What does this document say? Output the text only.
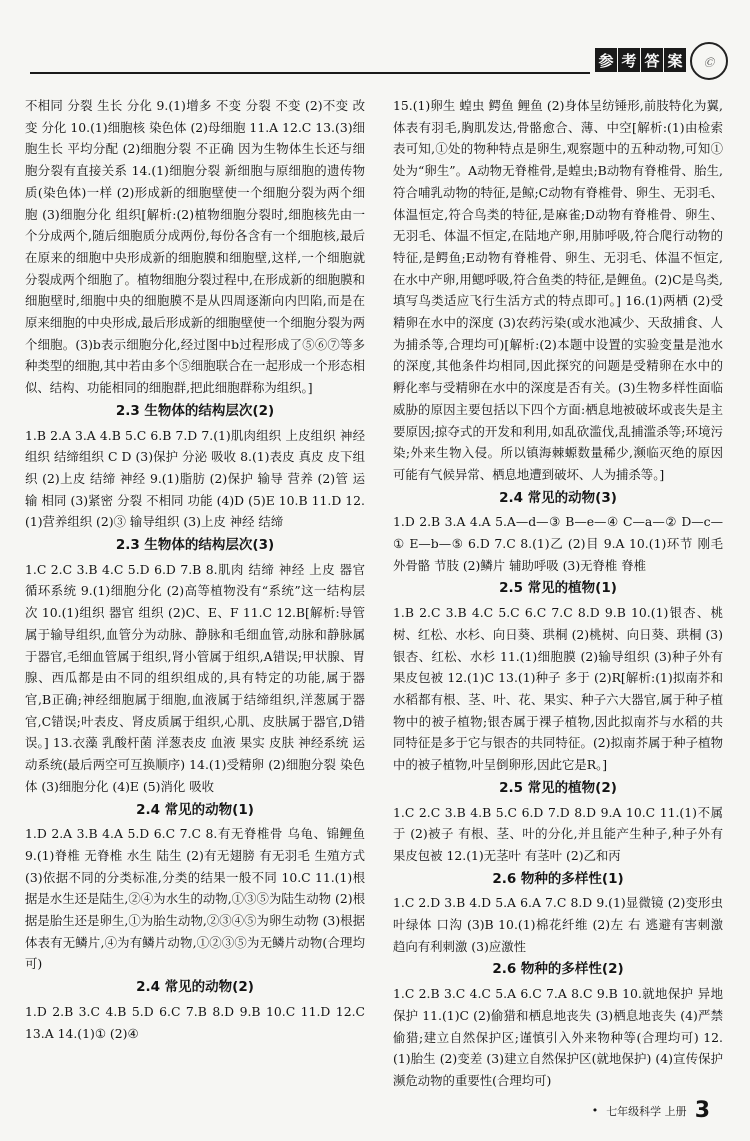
参 考 答 案	Ⓒ
不相同 分裂 生长 分化 9.(1)增多 不变 分裂 不变 (2)不变 改变 分化 10.(1)细胞核 染色体 (2)母细胞 11.A 12.C 13.(3)细胞生长 平均分配 (2)细胞分裂 不正确 因为生物体生长还与细胞分裂有直接关系 14.(1)细胞分裂 新细胞与原细胞的遗传物质(染色体)一样 (2)形成新的细胞壁使一个细胞分裂为两个细胞 (3)细胞分化 组织[解析:(2)植物细胞分裂时,细胞核先由一个分成两个,随后细胞质分成两份,每份各含有一个细胞核,最后在原来的细胞中央形成新的细胞膜和细胞壁,这样,一个细胞就分裂成两个细胞了。植物细胞分裂过程中,在形成新的细胞膜和细胞壁时,细胞中央的细胞膜不是从四周逐渐向内凹陷,而是在原来细胞的中央形成,最后形成新的细胞壁使一个细胞分裂为两个细胞。(3)b表示细胞分化,经过图中b过程形成了⑤⑥⑦等多种类型的细胞,其中若由多个⑤细胞联合在一起形成一个形态相似、结构、功能相同的细胞群,把此细胞群称为组织。]
2.3 生物体的结构层次(2)
1.B 2.A 3.A 4.B 5.C 6.B 7.D 7.(1)肌肉组织 上皮组织 神经组织 结缔组织 C D (3)保护 分泌 吸收 8.(1)表皮 真皮 皮下组织 (2)上皮 结缔 神经 9.(1)脂肪 (2)保护 输导 营养 (2)管 运输 相同 (3)紧密 分裂 不相同 功能 (4)D (5)E 10.B 11.D 12.(1)营养组织 (2)③ 输导组织 (3)上皮 神经 结缔
2.3 生物体的结构层次(3)
1.C 2.C 3.B 4.C 5.D 6.D 7.B 8.肌肉 结缔 神经 上皮 器官 循环系统 9.(1)细胞分化 (2)高等植物没有“系统”这一结构层次 10.(1)组织 器官 组织 (2)C、E、F 11.C 12.B[解析:导管属于输导组织,血管分为动脉、静脉和毛细血管,动脉和静脉属于器官,毛细血管属于组织,肾小管属于组织,A错误;甲状腺、胃腺、西瓜都是由不同的组织组成的,具有特定的功能,属于器官,B正确;神经细胞属于细胞,血液属于结缔组织,洋葱属于器官,C错误;叶表皮、肾皮质属于组织,心肌、皮肤属于器官,D错误。] 13.衣藻 乳酸杆菌 洋葱表皮 血液 果实 皮肤 神经系统 运动系统(最后两空可互换顺序) 14.(1)受精卵 (2)细胞分裂 染色体 (3)细胞分化 (4)E (5)消化 吸收
2.4 常见的动物(1)
1.D 2.A 3.B 4.A 5.D 6.C 7.C 8.有无脊椎骨 乌龟、锦鲤鱼 9.(1)脊椎 无脊椎 水生 陆生 (2)有无翅膀 有无羽毛 生殖方式 (3)依据不同的分类标准,分类的结果一般不同 10.C 11.(1)根据是水生还是陆生,②④为水生的动物,①③⑤为陆生动物 (2)根据是胎生还是卵生,①为胎生动物,②③④⑤为卵生动物 (3)根据体表有无鳞片,④为有鳞片动物,①②③⑤为无鳞片动物(合理均可)
2.4 常见的动物(2)
1.D 2.B 3.C 4.B 5.D 6.C 7.B 8.D 9.B 10.C 11.D 12.C 13.A 14.(1)① (2)④
15.(1)卵生 蝗虫 鳄鱼 鲤鱼 (2)身体呈纺锤形,前肢特化为翼,体表有羽毛,胸肌发达,骨骼愈合、薄、中空[解析:(1)由检索表可知,①处的物种特点是卵生,观察题中的五种动物,可知①处为“卵生”。A动物无脊椎骨,是蝗虫;B动物有脊椎骨、胎生,符合哺乳动物的特征,是鲸;C动物有脊椎骨、卵生、无羽毛、体温恒定,符合鸟类的特征,是麻雀;D动物有脊椎骨、卵生、无羽毛、体温不恒定,在陆地产卵,用肺呼吸,符合爬行动物的特征,是鳄鱼;E动物有脊椎骨、卵生、无羽毛、体温不恒定,在水中产卵,用鳃呼吸,符合鱼类的特征,是鲤鱼。(2)C是鸟类,填写鸟类适应飞行生活方式的特点即可。] 16.(1)两栖 (2)受精卵在水中的深度 (3)农药污染(或水池减少、天敌捕食、人为捕杀等,合理均可)[解析:(2)本题中设置的实验变量是池水的深度,其他条件均相同,因此探究的问题是受精卵在水中的孵化率与受精卵在水中的深度是否有关。(3)生物多样性面临威胁的原因主要包括以下四个方面:栖息地被破坏或丧失是主要原因;掠夺式的开发和利用,如乱砍滥伐,乱捕滥杀等;环境污染;外来生物入侵。所以镇海棘螈数量稀少,濒临灭绝的原因可能有气候异常、栖息地遭到破坏、人为捕杀等。]
2.4 常见的动物(3)
1.D 2.B 3.A 4.A 5.A—d—③ B—e—④ C—a—② D—c—① E—b—⑤ 6.D 7.C 8.(1)乙 (2)目 9.A 10.(1)环节 刚毛 外骨骼 节肢 (2)鳞片 辅助呼吸 (3)无脊椎 脊椎
2.5 常见的植物(1)
1.B 2.C 3.B 4.C 5.C 6.C 7.C 8.D 9.B 10.(1)银杏、桃树、红松、水杉、向日葵、珙桐 (2)桃树、向日葵、珙桐 (3)银杏、红松、水杉 11.(1)细胞膜 (2)输导组织 (3)种子外有果皮包被 12.(1)C 13.(1)种子 多于 (2)R[解析:(1)拟南芥和水稻都有根、茎、叶、花、果实、种子六大器官,属于种子植物中的被子植物;银杏属于裸子植物,因此拟南芥与水稻的共同特征是多于它与银杏的共同特征。(2)拟南芥属于种子植物中的被子植物,叶呈倒卵形,因此它是R。]
2.5 常见的植物(2)
1.C 2.C 3.B 4.B 5.C 6.D 7.D 8.D 9.A 10.C 11.(1)不属于 (2)被子 有根、茎、叶的分化,并且能产生种子,种子外有果皮包被 12.(1)无茎叶 有茎叶 (2)乙和丙
2.6 物种的多样性(1)
1.C 2.D 3.B 4.D 5.A 6.A 7.C 8.D 9.(1)显微镜 (2)变形虫 叶绿体 口沟 (3)B 10.(1)棉花纤维 (2)左 右 逃避有害刺激 趋向有利刺激 (3)应激性
2.6 物种的多样性(2)
1.C 2.B 3.C 4.C 5.A 6.C 7.A 8.C 9.B 10.就地保护 异地保护 11.(1)C (2)偷猎和栖息地丧失 (3)栖息地丧失 (4)严禁偷猎;建立自然保护区;谨慎引入外来物种等(合理均可) 12.(1)胎生 (2)变差 (3)建立自然保护区(就地保护) (4)宣传保护濒危动物的重要性(合理均可)
• 七年级科学 上册 3
